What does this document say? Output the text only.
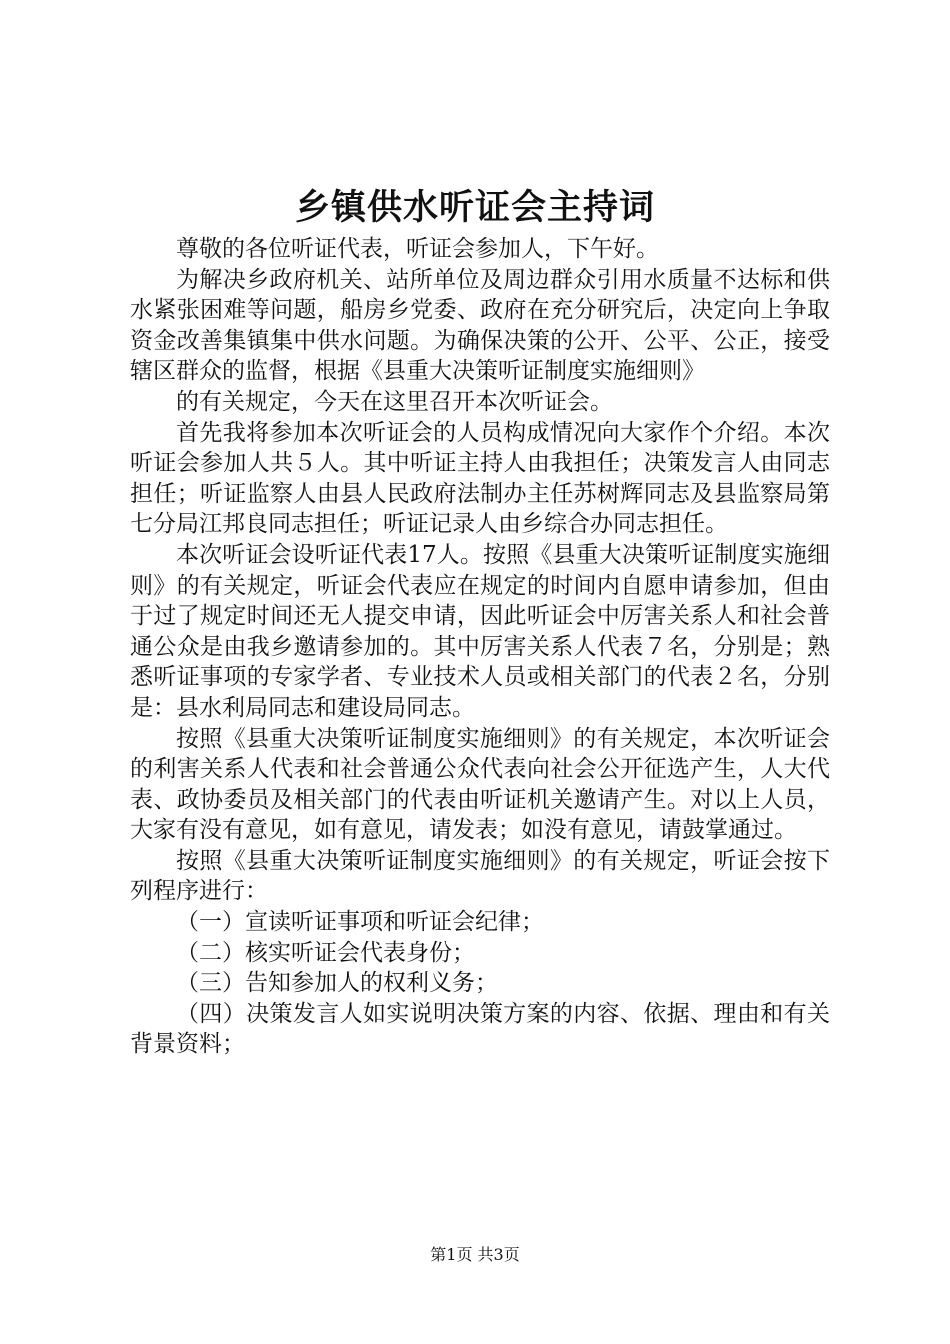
乡镇供水听证会主持词

尊敬的各位听证代表，听证会参加人，下午好。

为解决乡政府机关、站所单位及周边群众引用水质量不达标和供水紧张困难等问题，船房乡党委、政府在充分研究后，决定向上争取资金改善集镇集中供水问题。为确保决策的公开、公平、公正，接受辖区群众的监督，根据《县重大决策听证制度实施细则》

的有关规定，今天在这里召开本次听证会。

首先我将参加本次听证会的人员构成情况向大家作个介绍。本次听证会参加人共５人。其中听证主持人由我担任；决策发言人由同志担任；听证监察人由县人民政府法制办主任苏树辉同志及县监察局第七分局江邦良同志担任；听证记录人由乡综合办同志担任。

本次听证会设听证代表17人。按照《县重大决策听证制度实施细则》的有关规定，听证会代表应在规定的时间内自愿申请参加，但由于过了规定时间还无人提交申请，因此听证会中厉害关系人和社会普通公众是由我乡邀请参加的。其中厉害关系人代表７名，分别是；熟悉听证事项的专家学者、专业技术人员或相关部门的代表２名，分别是：县水利局同志和建设局同志。

按照《县重大决策听证制度实施细则》的有关规定，本次听证会的利害关系人代表和社会普通公众代表向社会公开征选产生，人大代表、政协委员及相关部门的代表由听证机关邀请产生。对以上人员，大家有没有意见，如有意见，请发表；如没有意见，请鼓掌通过。

按照《县重大决策听证制度实施细则》的有关规定，听证会按下列程序进行：

（一）宣读听证事项和听证会纪律；

（二）核实听证会代表身份；

（三）告知参加人的权利义务；

（四）决策发言人如实说明决策方案的内容、依据、理由和有关背景资料；

第1页 共3页
